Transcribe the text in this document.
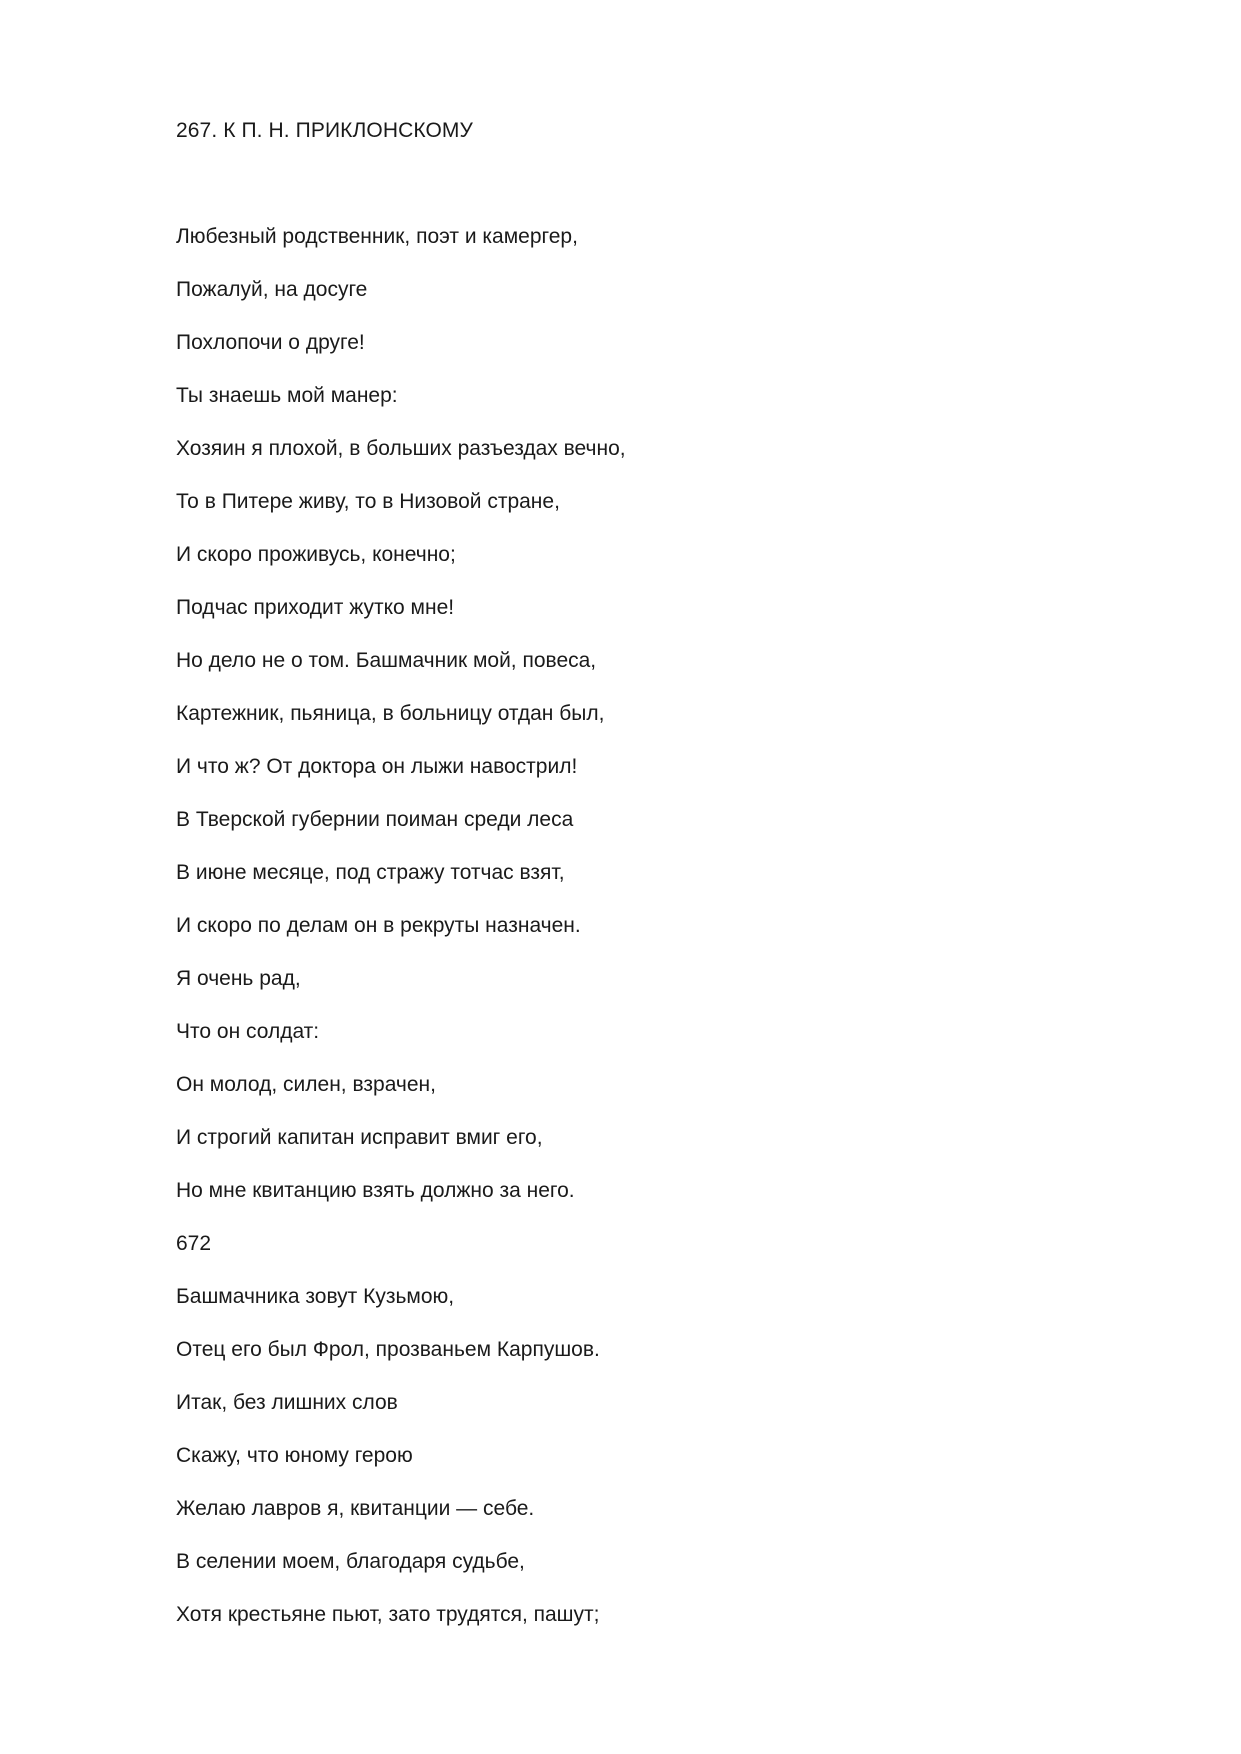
267. К П. Н. ПРИКЛОНСКОМУ
Любезный родственник, поэт и камергер,
Пожалуй, на досуге
Похлопочи о друге!
Ты знаешь мой манер:
Хозяин я плохой, в больших разъездах вечно,
То в Питере живу, то в Низовой стране,
И скоро проживусь, конечно;
Подчас приходит жутко мне!
Но дело не о том. Башмачник мой, повеса,
Картежник, пьяница, в больницу отдан был,
И что ж? От доктора он лыжи навострил!
В Тверской губернии поиман среди леса
В июне месяце, под стражу тотчас взят,
И скоро по делам он в рекруты назначен.
Я очень рад,
Что он солдат:
Он молод, силен, взрачен,
И строгий капитан исправит вмиг его,
Но мне квитанцию взять должно за него.
672
Башмачника зовут Кузьмою,
Отец его был Фрол, прозваньем Карпушов.
Итак, без лишних слов
Скажу, что юному герою
Желаю лавров я, квитанции — себе.
В селении моем, благодаря судьбе,
Хотя крестьяне пьют, зато трудятся, пашут;
